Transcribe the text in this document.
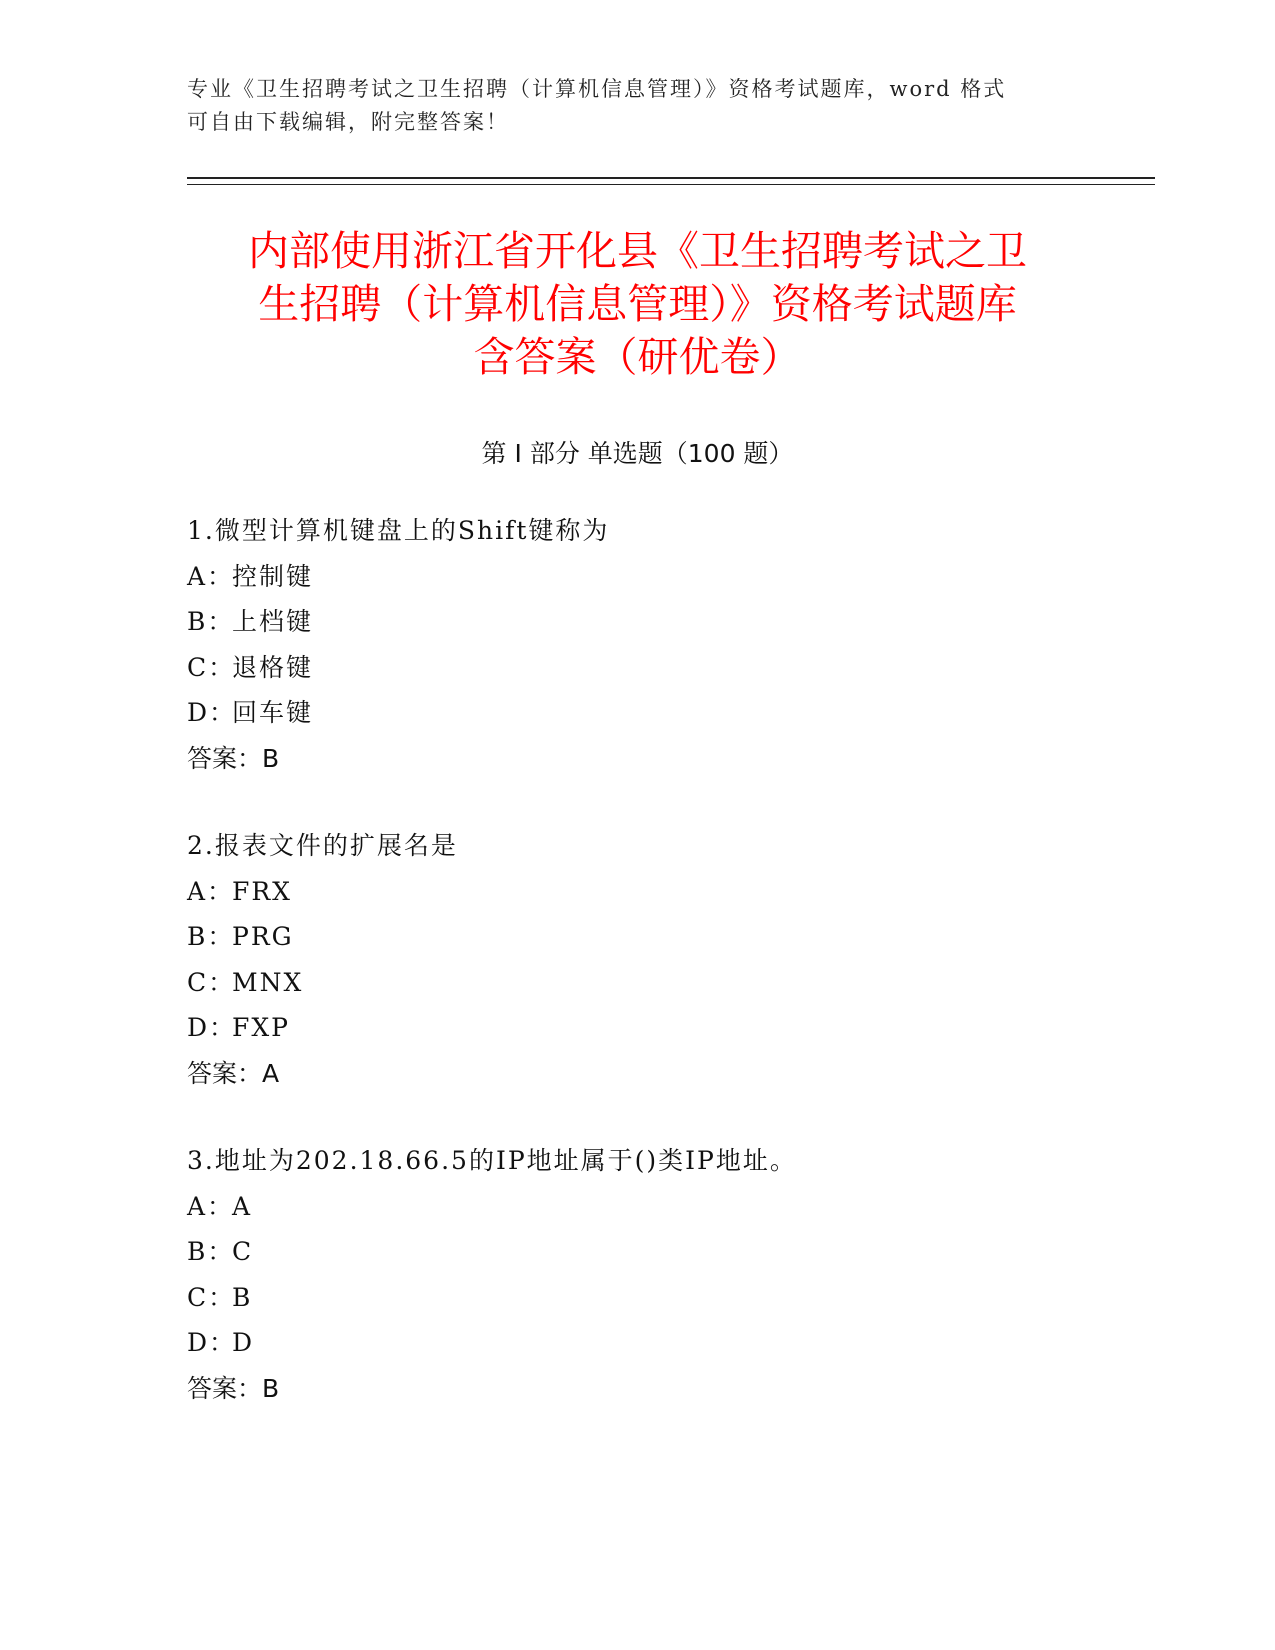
专业《卫生招聘考试之卫生招聘（计算机信息管理）》资格考试题库，word 格式
可自由下载编辑，附完整答案！
内部使用浙江省开化县《卫生招聘考试之卫
生招聘（计算机信息管理）》资格考试题库
含答案（研优卷）
第 I 部分 单选题（100 题）
1.微型计算机键盘上的Shift键称为
A：控制键
B：上档键
C：退格键
D：回车键
答案：B
2.报表文件的扩展名是
A：FRX
B：PRG
C：MNX
D：FXP
答案：A
3.地址为202.18.66.5的IP地址属于()类IP地址。
A：A
B：C
C：B
D：D
答案：B
